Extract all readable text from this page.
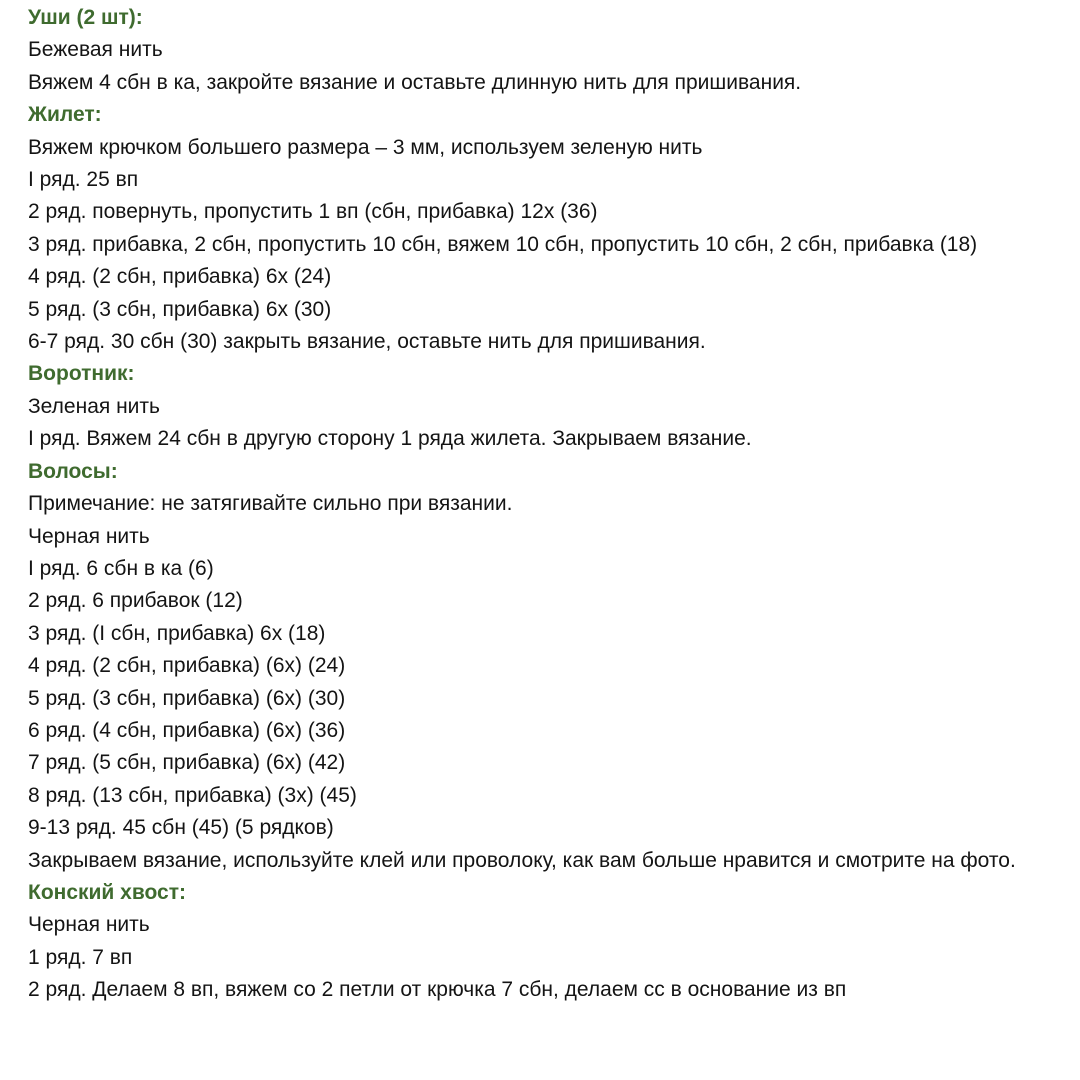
Уши (2 шт):
Бежевая нить
Вяжем 4 сбн в ка, закройте вязание и оставьте длинную нить для пришивания.
Жилет:
Вяжем крючком большего размера – 3 мм, используем зеленую нить
I ряд. 25 вп
2 ряд. повернуть, пропустить 1 вп (сбн, прибавка) 12х (36)
3 ряд. прибавка, 2 сбн, пропустить 10 сбн, вяжем 10 сбн, пропустить 10 сбн, 2 сбн, прибавка (18)
4 ряд. (2 сбн, прибавка) 6х (24)
5 ряд. (3 сбн, прибавка) 6х (30)
6-7 ряд. 30 сбн (30) закрыть вязание, оставьте нить для пришивания.
Воротник:
Зеленая нить
I ряд. Вяжем 24 сбн в другую сторону 1 ряда жилета. Закрываем вязание.
Волосы:
Примечание: не затягивайте сильно при вязании.
Черная нить
I ряд. 6 сбн в ка (6)
2 ряд. 6 прибавок (12)
3 ряд. (I сбн, прибавка) 6х (18)
4 ряд. (2 сбн, прибавка) (6х) (24)
5 ряд. (3 сбн, прибавка) (6х) (30)
6 ряд. (4 сбн, прибавка) (6х) (36)
7 ряд. (5 сбн, прибавка) (6х) (42)
8 ряд. (13 сбн, прибавка) (3х) (45)
9-13 ряд. 45 сбн (45) (5 рядков)
Закрываем вязание, используйте клей или проволоку, как вам больше нравится и смотрите на фото.
Конский хвост:
Черная нить
1 ряд. 7 вп
2 ряд. Делаем 8 вп, вяжем со 2 петли от крючка 7 сбн, делаем сс в основание из вп
